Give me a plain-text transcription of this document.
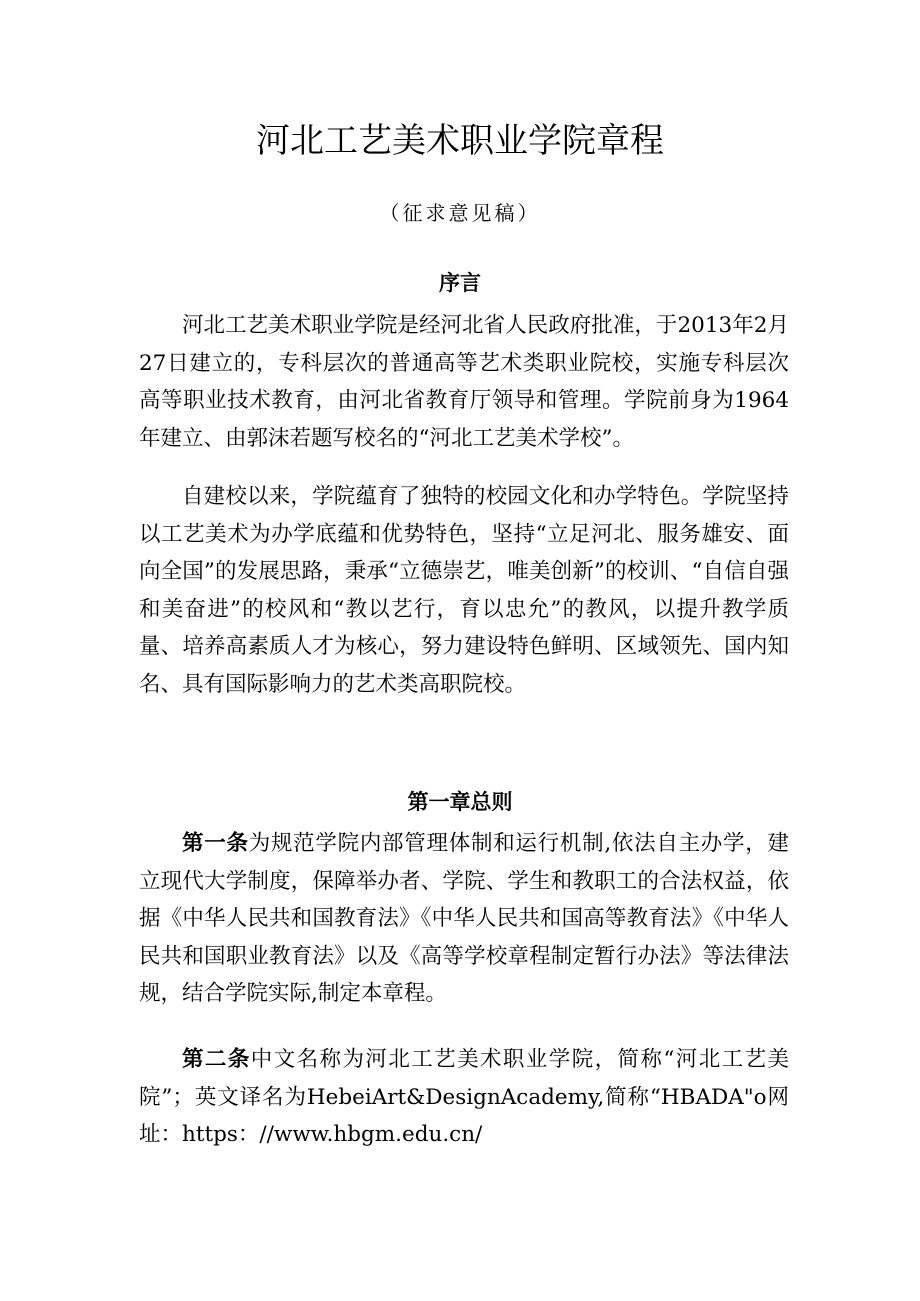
河北工艺美术职业学院章程
（征求意见稿）
序言

河北工艺美术职业学院是经河北省人民政府批准，于2013年2月27日建立的，专科层次的普通高等艺术类职业院校，实施专科层次高等职业技术教育，由河北省教育厅领导和管理。学院前身为1964年建立、由郭沫若题写校名的“河北工艺美术学校”。

自建校以来，学院蕴育了独特的校园文化和办学特色。学院坚持以工艺美术为办学底蕴和优势特色，坚持“立足河北、服务雄安、面向全国”的发展思路，秉承“立德崇艺，唯美创新”的校训、“自信自强和美奋进”的校风和“教以艺行，育以忠允”的教风，以提升教学质量、培养高素质人才为核心，努力建设特色鲜明、区域领先、国内知名、具有国际影响力的艺术类高职院校。

第一章总则

第一条为规范学院内部管理体制和运行机制,依法自主办学，建立现代大学制度，保障举办者、学院、学生和教职工的合法权益，依据《中华人民共和国教育法》《中华人民共和国高等教育法》《中华人民共和国职业教育法》以及《高等学校章程制定暂行办法》等法律法规，结合学院实际,制定本章程。

第二条中文名称为河北工艺美术职业学院，简称“河北工艺美院”；英文译名为HebeiArt&DesignAcademy,简称“HBADA"o网址：https：//www.hbgm.edu.cn/
